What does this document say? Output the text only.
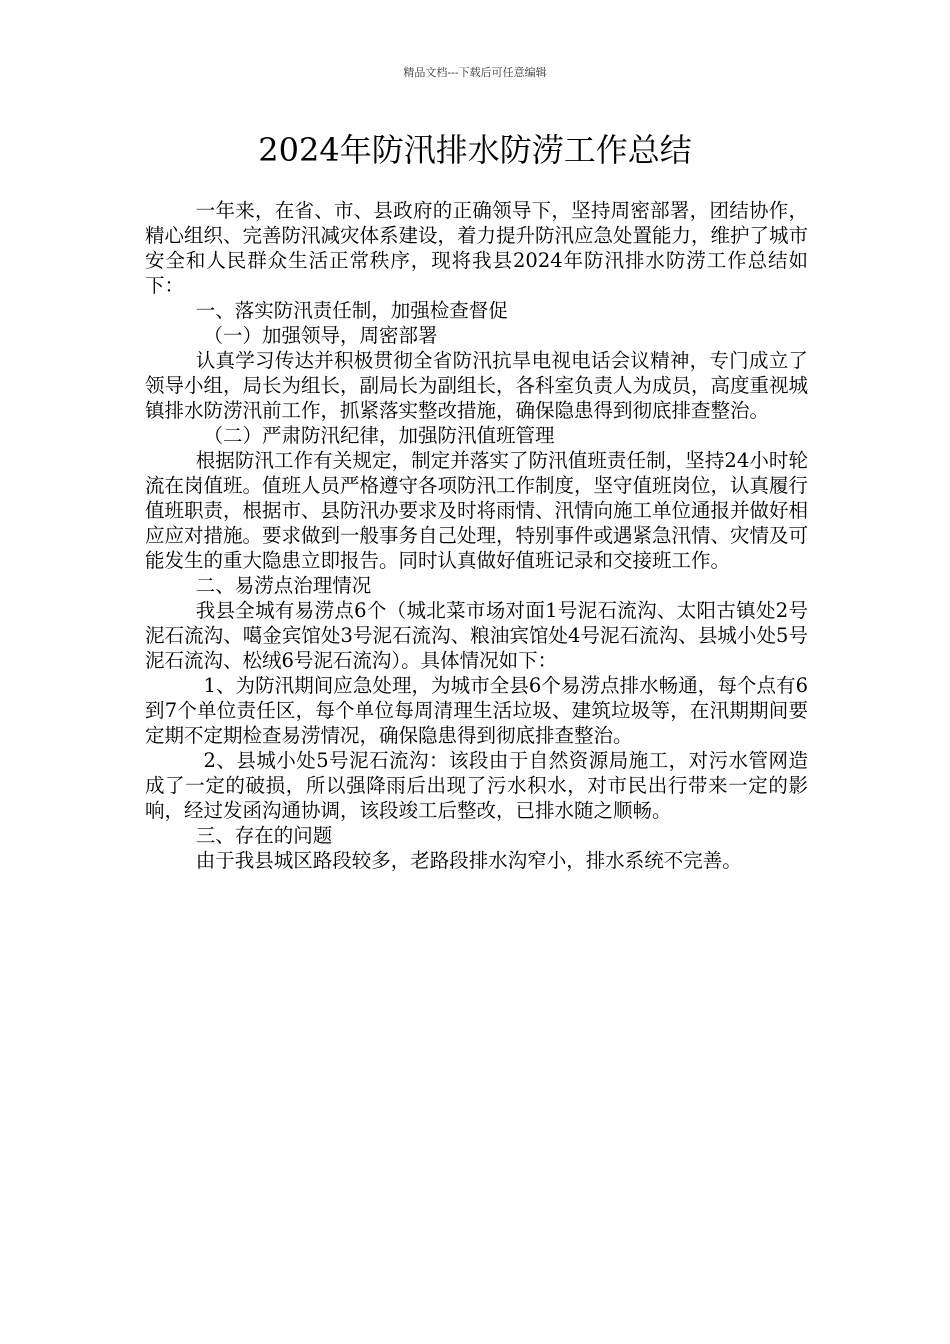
精品文档---下载后可任意编辑
2024年防汛排水防涝工作总结

一年来，在省、市、县政府的正确领导下，坚持周密部署，团结协作，精心组织、完善防汛减灾体系建设，着力提升防汛应急处置能力，维护了城市安全和人民群众生活正常秩序，现将我县2024年防汛排水防涝工作总结如下：

一、落实防汛责任制，加强检查督促

（一）加强领导，周密部署

认真学习传达并积极贯彻全省防汛抗旱电视电话会议精神，专门成立了领导小组，局长为组长，副局长为副组长，各科室负责人为成员，高度重视城镇排水防涝汛前工作，抓紧落实整改措施，确保隐患得到彻底排查整治。

（二）严肃防汛纪律，加强防汛值班管理

根据防汛工作有关规定，制定并落实了防汛值班责任制，坚持24小时轮流在岗值班。值班人员严格遵守各项防汛工作制度，坚守值班岗位，认真履行值班职责，根据市、县防汛办要求及时将雨情、汛情向施工单位通报并做好相应应对措施。要求做到一般事务自己处理，特别事件或遇紧急汛情、灾情及可能发生的重大隐患立即报告。同时认真做好值班记录和交接班工作。

二、易涝点治理情况

我县全城有易涝点6个（城北菜市场对面1号泥石流沟、太阳古镇处2号泥石流沟、噶金宾馆处3号泥石流沟、粮油宾馆处4号泥石流沟、县城小处5号泥石流沟、松绒6号泥石流沟）。具体情况如下：

1、为防汛期间应急处理，为城市全县6个易涝点排水畅通，每个点有6到7个单位责任区，每个单位每周清理生活垃圾、建筑垃圾等，在汛期期间要定期不定期检查易涝情况，确保隐患得到彻底排查整治。

2、县城小处5号泥石流沟：该段由于自然资源局施工，对污水管网造成了一定的破损，所以强降雨后出现了污水积水，对市民出行带来一定的影响，经过发函沟通协调，该段竣工后整改，已排水随之顺畅。

三、存在的问题

由于我县城区路段较多，老路段排水沟窄小，排水系统不完善。
